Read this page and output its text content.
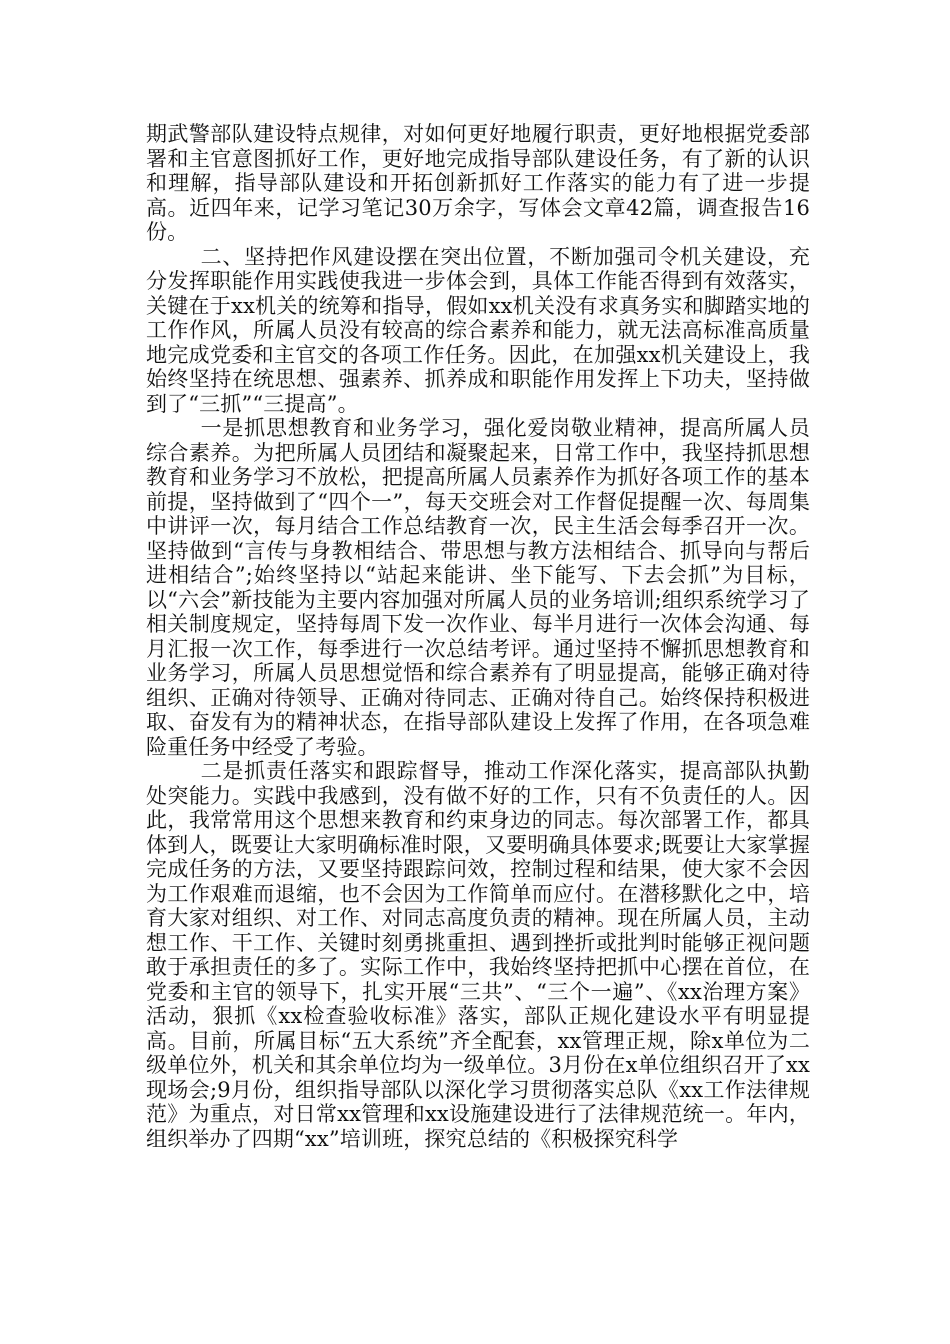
期武警部队建设特点规律，对如何更好地履行职责，更好地根据党委部署和主官意图抓好工作，更好地完成指导部队建设任务，有了新的认识和理解，指导部队建设和开拓创新抓好工作落实的能力有了进一步提高。近四年来，记学习笔记30万余字，写体会文章42篇，调查报告16份。

二、坚持把作风建设摆在突出位置，不断加强司令机关建设，充分发挥职能作用实践使我进一步体会到，具体工作能否得到有效落实，关键在于xx机关的统筹和指导，假如xx机关没有求真务实和脚踏实地的工作作风，所属人员没有较高的综合素养和能力，就无法高标准高质量地完成党委和主官交的各项工作任务。因此，在加强xx机关建设上，我始终坚持在统思想、强素养、抓养成和职能作用发挥上下功夫，坚持做到了“三抓”“三提高”。

一是抓思想教育和业务学习，强化爱岗敬业精神，提高所属人员综合素养。为把所属人员团结和凝聚起来，日常工作中，我坚持抓思想教育和业务学习不放松，把提高所属人员素养作为抓好各项工作的基本前提，坚持做到了“四个一”，每天交班会对工作督促提醒一次、每周集中讲评一次，每月结合工作总结教育一次，民主生活会每季召开一次。坚持做到“言传与身教相结合、带思想与教方法相结合、抓导向与帮后进相结合”;始终坚持以“站起来能讲、坐下能写、下去会抓”为目标，以“六会”新技能为主要内容加强对所属人员的业务培训;组织系统学习了相关制度规定，坚持每周下发一次作业、每半月进行一次体会沟通、每月汇报一次工作，每季进行一次总结考评。通过坚持不懈抓思想教育和业务学习，所属人员思想觉悟和综合素养有了明显提高，能够正确对待组织、正确对待领导、正确对待同志、正确对待自己。始终保持积极进取、奋发有为的精神状态，在指导部队建设上发挥了作用，在各项急难险重任务中经受了考验。

二是抓责任落实和跟踪督导，推动工作深化落实，提高部队执勤处突能力。实践中我感到，没有做不好的工作，只有不负责任的人。因此，我常常用这个思想来教育和约束身边的同志。每次部署工作，都具体到人，既要让大家明确标准时限，又要明确具体要求;既要让大家掌握完成任务的方法，又要坚持跟踪问效，控制过程和结果，使大家不会因为工作艰难而退缩，也不会因为工作简单而应付。在潜移默化之中，培育大家对组织、对工作、对同志高度负责的精神。现在所属人员，主动想工作、干工作、关键时刻勇挑重担、遇到挫折或批判时能够正视问题敢于承担责任的多了。实际工作中，我始终坚持把抓中心摆在首位，在党委和主官的领导下，扎实开展“三共”、“三个一遍”、《xx治理方案》活动，狠抓《xx检查验收标准》落实，部队正规化建设水平有明显提高。目前，所属目标“五大系统”齐全配套，xx管理正规，除x单位为二级单位外，机关和其余单位均为一级单位。3月份在x单位组织召开了xx现场会;9月份，组织指导部队以深化学习贯彻落实总队《xx工作法律规范》为重点，对日常xx管理和xx设施建设进行了法律规范统一。年内，组织举办了四期“xx”培训班，探究总结的《积极探究科学
